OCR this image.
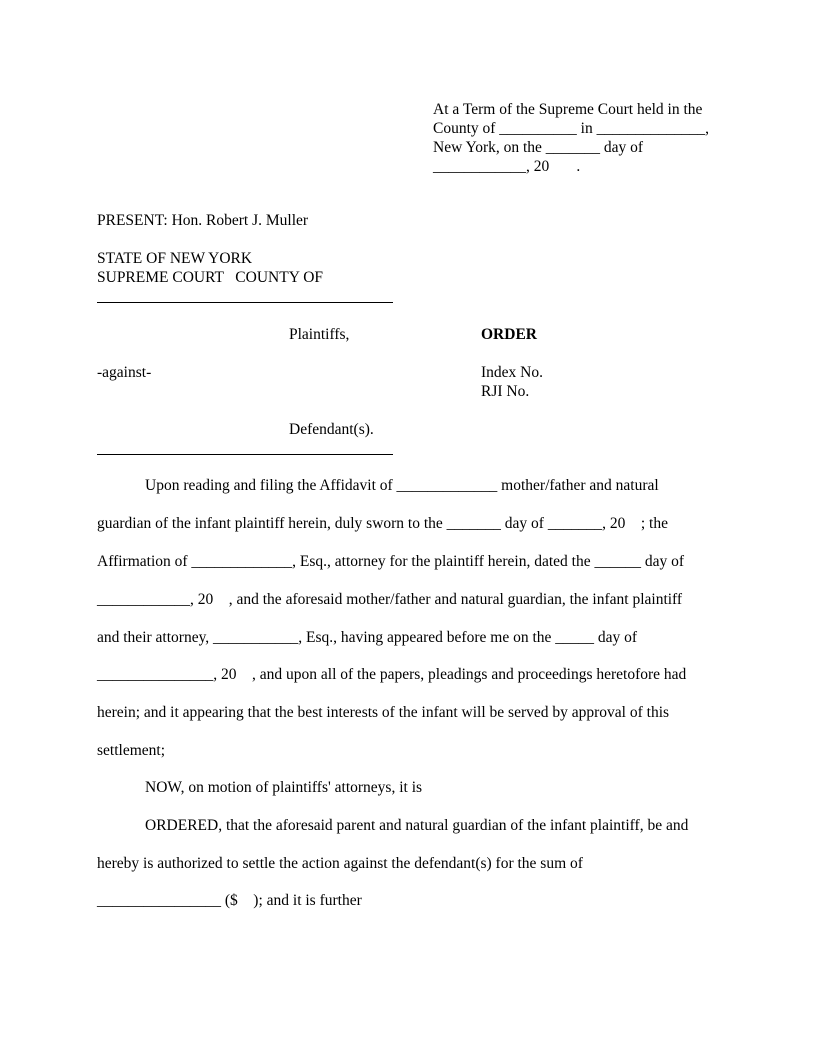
At a Term of the Supreme Court held in the
County of __________ in ______________,
New York, on the _______ day of
____________, 20       .
PRESENT: Hon. Robert J. Muller
STATE OF NEW YORK
SUPREME COURT   COUNTY OF
Plaintiffs,	ORDER
-against-	Index No.
RJI No.
Defendant(s).
Upon reading and filing the Affidavit of _____________ mother/father and natural
guardian of the infant plaintiff herein, duly sworn to the _______ day of _______, 20    ; the
Affirmation of _____________, Esq., attorney for the plaintiff herein, dated the ______ day of
____________, 20    , and the aforesaid mother/father and natural guardian, the infant plaintiff
and their attorney, ___________, Esq., having appeared before me on the _____ day of
_______________, 20    , and upon all of the papers, pleadings and proceedings heretofore had
herein; and it appearing that the best interests of the infant will be served by approval of this
settlement;
NOW, on motion of plaintiffs' attorneys, it is
ORDERED, that the aforesaid parent and natural guardian of the infant plaintiff, be and
hereby is authorized to settle the action against the defendant(s) for the sum of
________________ ($    ); and it is further
